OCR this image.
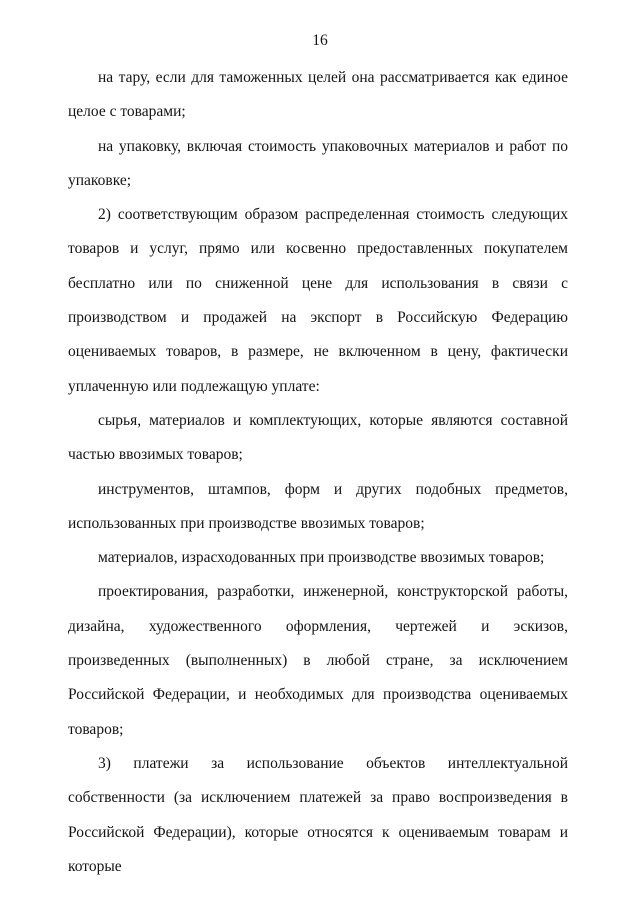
16

на тару, если для таможенных целей она рассматривается как единое целое с товарами;

на упаковку, включая стоимость упаковочных материалов и работ по упаковке;

2) соответствующим образом распределенная стоимость следующих товаров и услуг, прямо или косвенно предоставленных покупателем бесплатно или по сниженной цене для использования в связи с производством и продажей на экспорт в Российскую Федерацию оцениваемых товаров, в размере, не включенном в цену, фактически уплаченную или подлежащую уплате:

сырья, материалов и комплектующих, которые являются составной частью ввозимых товаров;

инструментов, штампов, форм и других подобных предметов, использованных при производстве ввозимых товаров;

материалов, израсходованных при производстве ввозимых товаров;

проектирования, разработки, инженерной, конструкторской работы, дизайна, художественного оформления, чертежей и эскизов, произведенных (выполненных) в любой стране, за исключением Российской Федерации, и необходимых для производства оцениваемых товаров;

3) платежи за использование объектов интеллектуальной собственности (за исключением платежей за право воспроизведения в Российской Федерации), которые относятся к оцениваемым товарам и которые
